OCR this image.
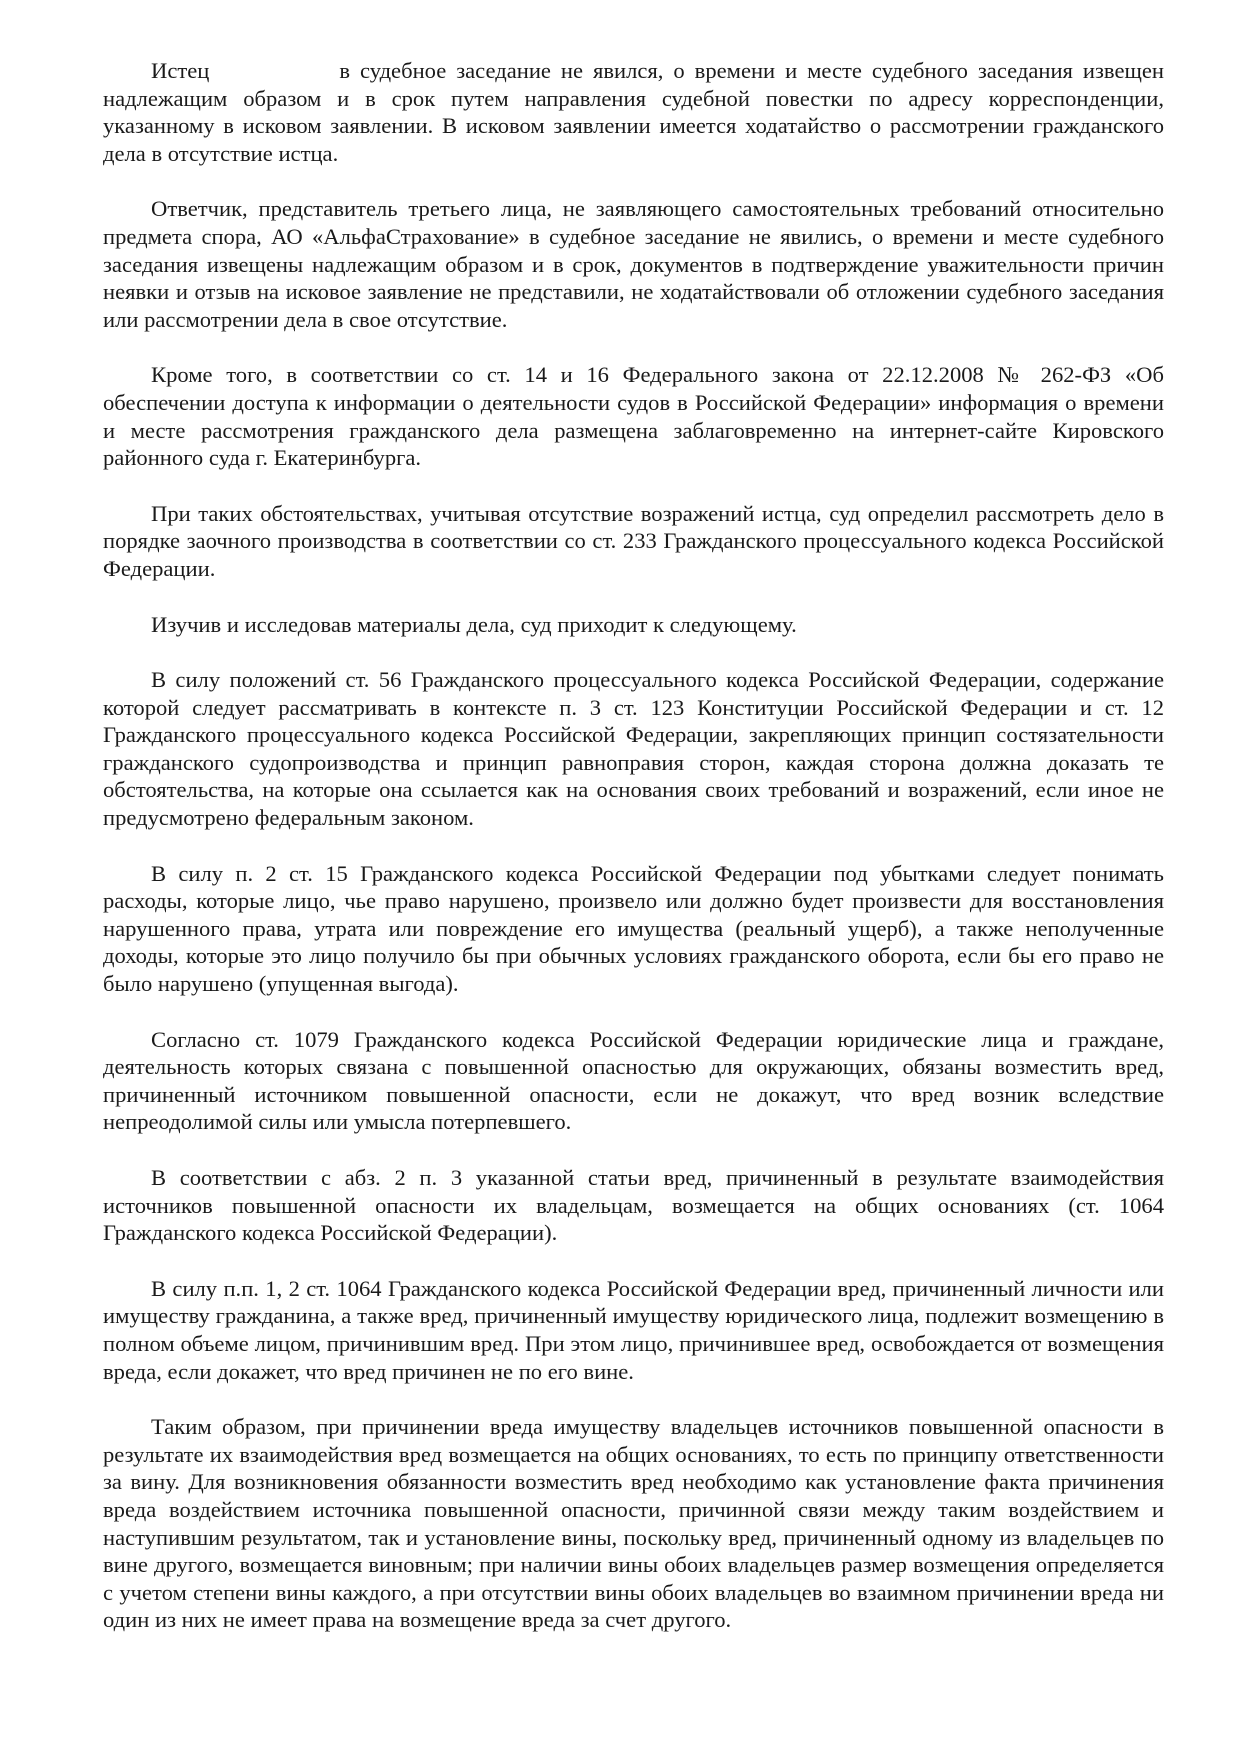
Истец	в судебное заседание не явился, о времени и месте судебного заседания извещен надлежащим образом и в срок путем направления судебной повестки по адресу корреспонденции, указанному в исковом заявлении. В исковом заявлении имеется ходатайство о рассмотрении гражданского дела в отсутствие истца.

Ответчик, представитель третьего лица, не заявляющего самостоятельных требований относительно предмета спора, АО «АльфаСтрахование» в судебное заседание не явились, о времени и месте судебного заседания извещены надлежащим образом и в срок, документов в подтверждение уважительности причин неявки и отзыв на исковое заявление не представили, не ходатайствовали об отложении судебного заседания или рассмотрении дела в свое отсутствие.

Кроме того, в соответствии со ст. 14 и 16 Федерального закона от 22.12.2008 № 262-ФЗ «Об обеспечении доступа к информации о деятельности судов в Российской Федерации» информация о времени и месте рассмотрения гражданского дела размещена заблаговременно на интернет-сайте Кировского районного суда г. Екатеринбурга.

При таких обстоятельствах, учитывая отсутствие возражений истца, суд определил рассмотреть дело в порядке заочного производства в соответствии со ст. 233 Гражданского процессуального кодекса Российской Федерации.

Изучив и исследовав материалы дела, суд приходит к следующему.

В силу положений ст. 56 Гражданского процессуального кодекса Российской Федерации, содержание которой следует рассматривать в контексте п. 3 ст. 123 Конституции Российской Федерации и ст. 12 Гражданского процессуального кодекса Российской Федерации, закрепляющих принцип состязательности гражданского судопроизводства и принцип равноправия сторон, каждая сторона должна доказать те обстоятельства, на которые она ссылается как на основания своих требований и возражений, если иное не предусмотрено федеральным законом.

В силу п. 2 ст. 15 Гражданского кодекса Российской Федерации под убытками следует понимать расходы, которые лицо, чье право нарушено, произвело или должно будет произвести для восстановления нарушенного права, утрата или повреждение его имущества (реальный ущерб), а также неполученные доходы, которые это лицо получило бы при обычных условиях гражданского оборота, если бы его право не было нарушено (упущенная выгода).

Согласно ст. 1079 Гражданского кодекса Российской Федерации юридические лица и граждане, деятельность которых связана с повышенной опасностью для окружающих, обязаны возместить вред, причиненный источником повышенной опасности, если не докажут, что вред возник вследствие непреодолимой силы или умысла потерпевшего.

В соответствии с абз. 2 п. 3 указанной статьи вред, причиненный в результате взаимодействия источников повышенной опасности их владельцам, возмещается на общих основаниях (ст. 1064 Гражданского кодекса Российской Федерации).

В силу п.п. 1, 2 ст. 1064 Гражданского кодекса Российской Федерации вред, причиненный личности или имуществу гражданина, а также вред, причиненный имуществу юридического лица, подлежит возмещению в полном объеме лицом, причинившим вред. При этом лицо, причинившее вред, освобождается от возмещения вреда, если докажет, что вред причинен не по его вине.

Таким образом, при причинении вреда имуществу владельцев источников повышенной опасности в результате их взаимодействия вред возмещается на общих основаниях, то есть по принципу ответственности за вину. Для возникновения обязанности возместить вред необходимо как установление факта причинения вреда воздействием источника повышенной опасности, причинной связи между таким воздействием и наступившим результатом, так и установление вины, поскольку вред, причиненный одному из владельцев по вине другого, возмещается виновным; при наличии вины обоих владельцев размер возмещения определяется с учетом степени вины каждого, а при отсутствии вины обоих владельцев во взаимном причинении вреда ни один из них не имеет права на возмещение вреда за счет другого.
